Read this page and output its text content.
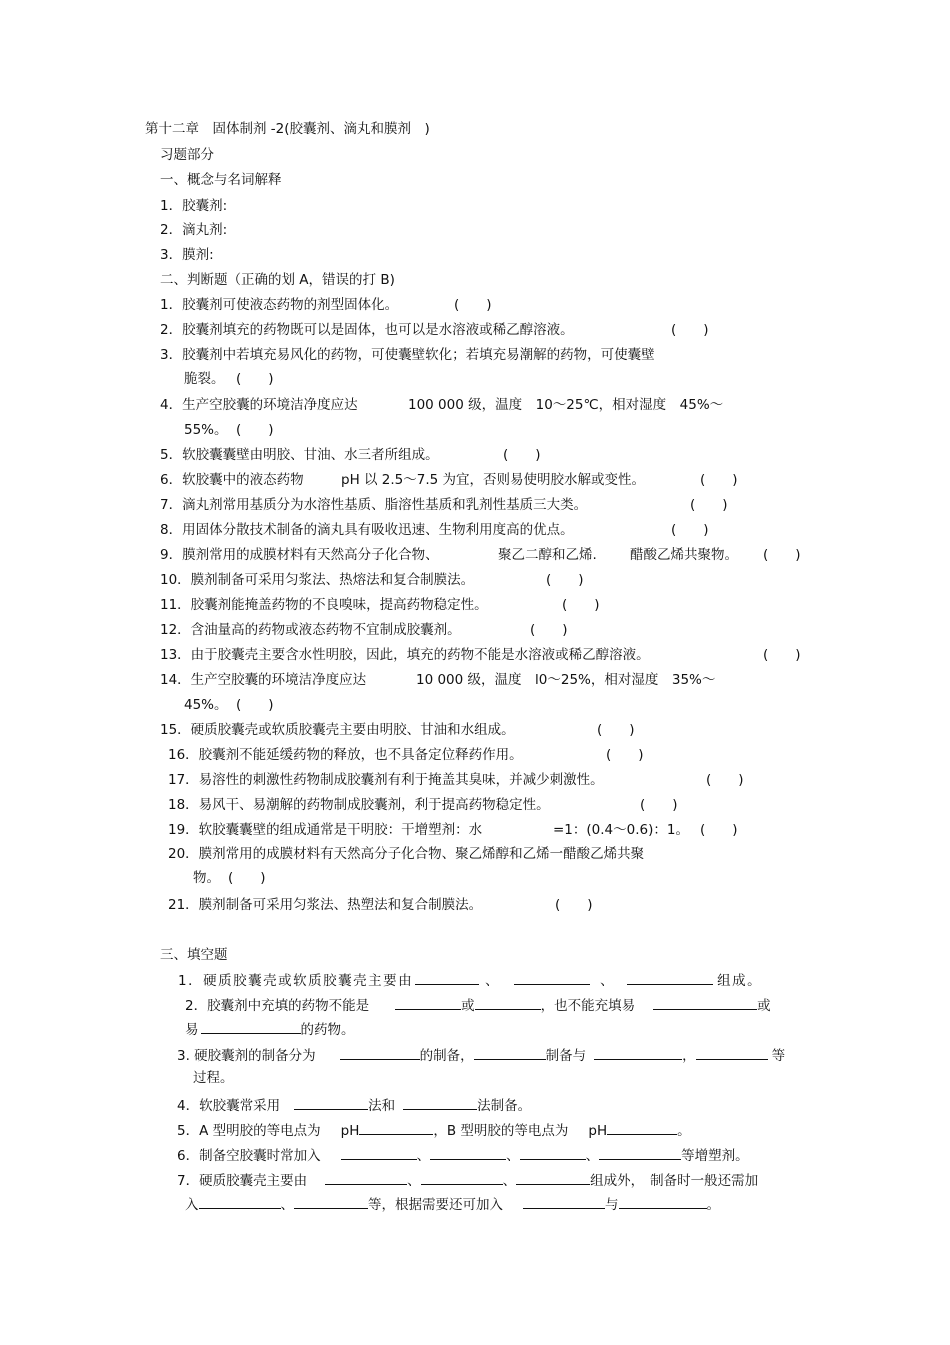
第十二章　固体制剂 -2(胶囊剂、滴丸和膜剂　)
习题部分
一、概念与名词解释
1．胶囊剂:
2．滴丸剂:
3．膜剂:
二、判断题（正确的划 A，错误的打 B)
1．胶囊剂可使液态药物的剂型固体化。	(　　)
2．胶囊剂填充的药物既可以是固体，也可以是水溶液或稀乙醇溶液。	(　　)
3．胶囊剂中若填充易风化的药物，可使囊壁软化；若填充易潮解的药物，可使囊壁
脆裂。 (　　)
4．生产空胶囊的环境洁净度应达	100 000 级，温度　10～25℃，相对湿度　45%～
55%。 (　　)
5．软胶囊囊壁由明胶、甘油、水三者所组成。	(　　)
6．软胶囊中的液态药物	pH 以 2.5～7.5 为宜，否则易使明胶水解或变性。	(　　)
7．滴丸剂常用基质分为水溶性基质、脂溶性基质和乳剂性基质三大类。	(　　)
8．用固体分散技术制备的滴丸具有吸收迅速、生物利用度高的优点。	(　　)
9．膜剂常用的成膜材料有天然高分子化合物、	聚乙二醇和乙烯. 醋酸乙烯共聚物。 (　　)
10．膜剂制备可采用匀浆法、热熔法和复合制膜法。	(　　)
11．胶囊剂能掩盖药物的不良嗅味，提高药物稳定性。	(　　)
12．含油量高的药物或液态药物不宜制成胶囊剂。	(　　)
13．由于胶囊壳主要含水性明胶，因此，填充的药物不能是水溶液或稀乙醇溶液。	(　　)
14．生产空胶囊的环境洁净度应达	10 000 级，温度　l0～25%，相对湿度　35%～
45%。 (　　)
15．硬质胶囊壳或软质胶囊壳主要由明胶、甘油和水组成。	(　　)
16．胶囊剂不能延缓药物的释放，也不具备定位释药作用。	(　　)
17．易溶性的刺激性药物制成胶囊剂有利于掩盖其臭味，并减少刺激性。	(　　)
18．易风干、易潮解的药物制成胶囊剂，利于提高药物稳定性。	(　　)
19．软胶囊囊壁的组成通常是干明胶：干增塑剂：水	=1：(0.4～0.6)：1。 (　　)
20．膜剂常用的成膜材料有天然高分子化合物、聚乙烯醇和乙烯一醋酸乙烯共聚
物。 (　　)
21．膜剂制备可采用匀浆法、热塑法和复合制膜法。	(　　)
三、填空题
1．硬质胶囊壳或软质胶囊壳主要由	、	、	组成。
2．胶囊剂中充填的药物不能是	或	，也不能充填易	或
易	的药物。
3. 硬胶囊剂的制备分为	的制备，	制备与	，	等
过程。
4．软胶囊常采用	法和	法制备。
5．A 型明胶的等电点为 pH	，B 型明胶的等电点为 pH	。
6．制备空胶囊时常加入	、	、	、	等增塑剂。
7．硬质胶囊壳主要由	、	、	组成外， 制备时一般还需加
入	、	等，根据需要还可加入	与	。
